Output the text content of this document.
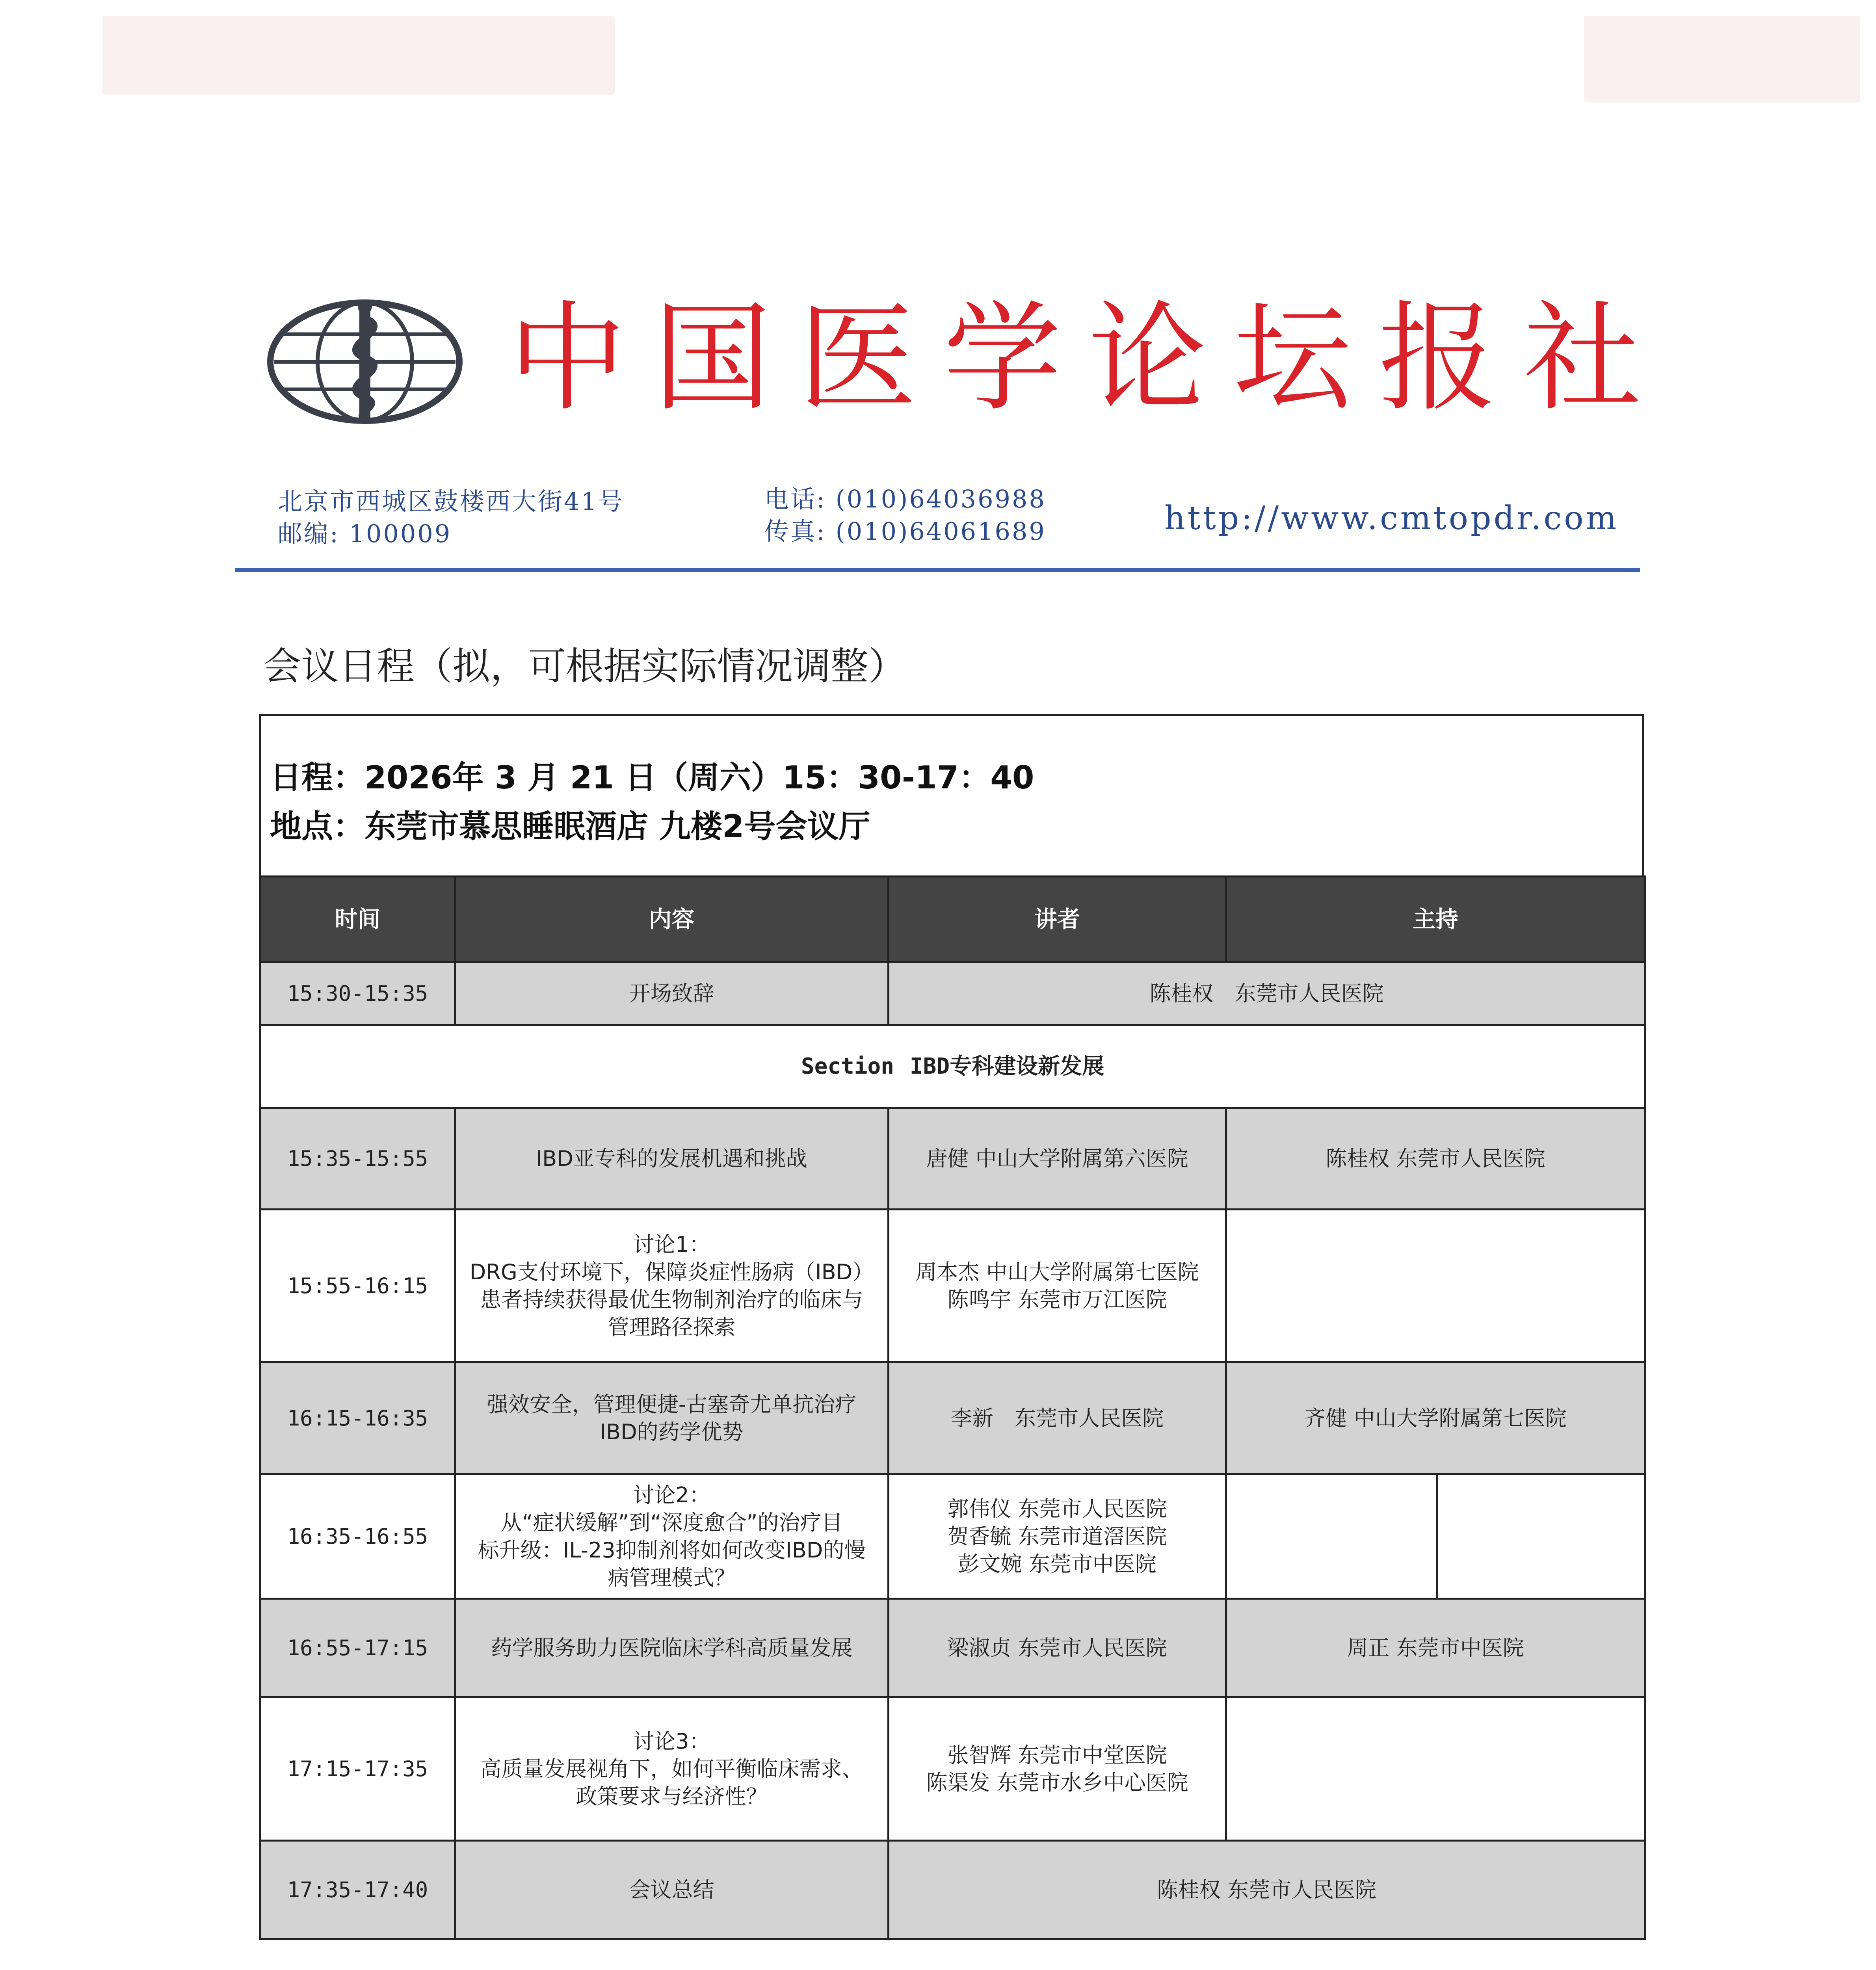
中国医学论坛报社
北京市西城区鼓楼西大街41号
邮编: 100009
电话: (010)64036988
传真: (010)64061689	http://www.cmtopdr.com
会议日程（拟，可根据实际情况调整）
日程：2026年 3 月 21 日（周六）15：30-17：40
地点：东莞市慕思睡眠酒店 九楼2号会议厅
时间	内容	讲者	主持	
15:30-15:35	开场致辞	陈桂权　东莞市人民医院		

Section IBD专科建设新发展				
15:35-15:55	IBD亚专科的发展机遇和挑战	唐健 中山大学附属第六医院	陈桂权 东莞市人民医院	
15:55-16:15	讨论1：
DRG支付环境下，保障炎症性肠病（IBD）
患者持续获得最优生物制剂治疗的临床与
管理路径探索	周本杰 中山大学附属第七医院
陈鸣宇 东莞市万江医院		

16:15-16:35	强效安全，管理便捷-古塞奇尤单抗治疗
IBD的药学优势	李新　东莞市人民医院	齐健 中山大学附属第七医院	
16:35-16:55	讨论2：
从“症状缓解”到“深度愈合”的治疗目
标升级：IL-23抑制剂将如何改变IBD的慢
病管理模式？	郭伟仪 东莞市人民医院
贺香毓 东莞市道滘医院
彭文婉 东莞市中医院		

16:55-17:15	药学服务助力医院临床学科高质量发展	梁淑贞 东莞市人民医院	周正 东莞市中医院	
17:15-17:35	讨论3：
高质量发展视角下，如何平衡临床需求、
政策要求与经济性？	张智辉 东莞市中堂医院
陈渠发 东莞市水乡中心医院		

17:35-17:40	会议总结	陈桂权 东莞市人民医院		
